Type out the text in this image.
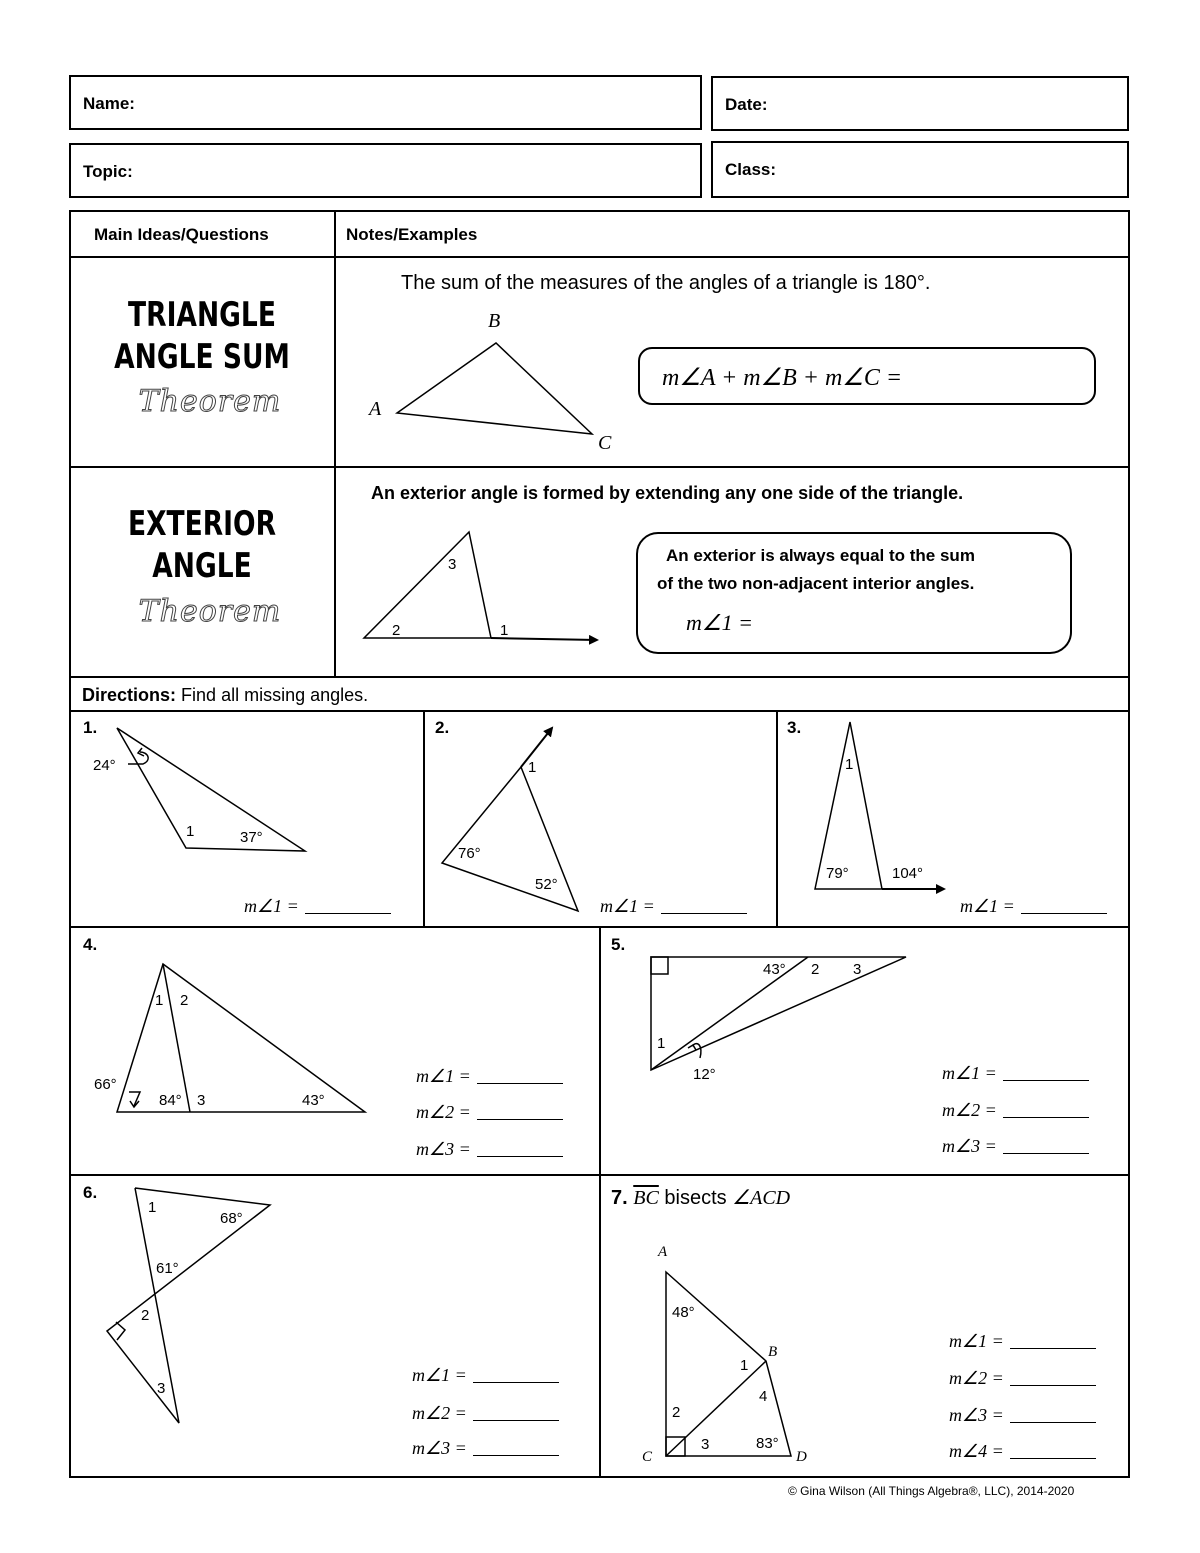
Name:	Date:
Topic:	Class:
Main Ideas/Questions	Notes/Examples
TRIANGLE
ANGLE SUM
Theorem
The sum of the measures of the angles of a triangle is 180°.
B
A
C
m∠A + m∠B + m∠C =
EXTERIOR
ANGLE
Theorem
An exterior angle is formed by extending any one side of the triangle.
3
2	1
An exterior is always equal to the sum
of the two non-adjacent interior angles.
m∠1 =
Directions: Find all missing angles.
1.
24°
1	37°
m∠1 =
2.
1
76°
52°
m∠1 =
3.
1
79°	104°
m∠1 =
4.
1 2
66°
84° 3	43°
m∠1 =
m∠2 =
m∠3 =
5.
43° 2 3
1
12°	m∠1 =
m∠2 =
m∠3 =
6.
1
68°
61°
2
3
m∠1 =
m∠2 =
m∠3 =
7. $\overline{BC}$ bisects ∠ACD
A
B
C	D
48°
1
4
2
3	83°
m∠1 =
m∠2 =
m∠3 =
m∠4 =
© Gina Wilson (All Things Algebra®, LLC), 2014-2020
